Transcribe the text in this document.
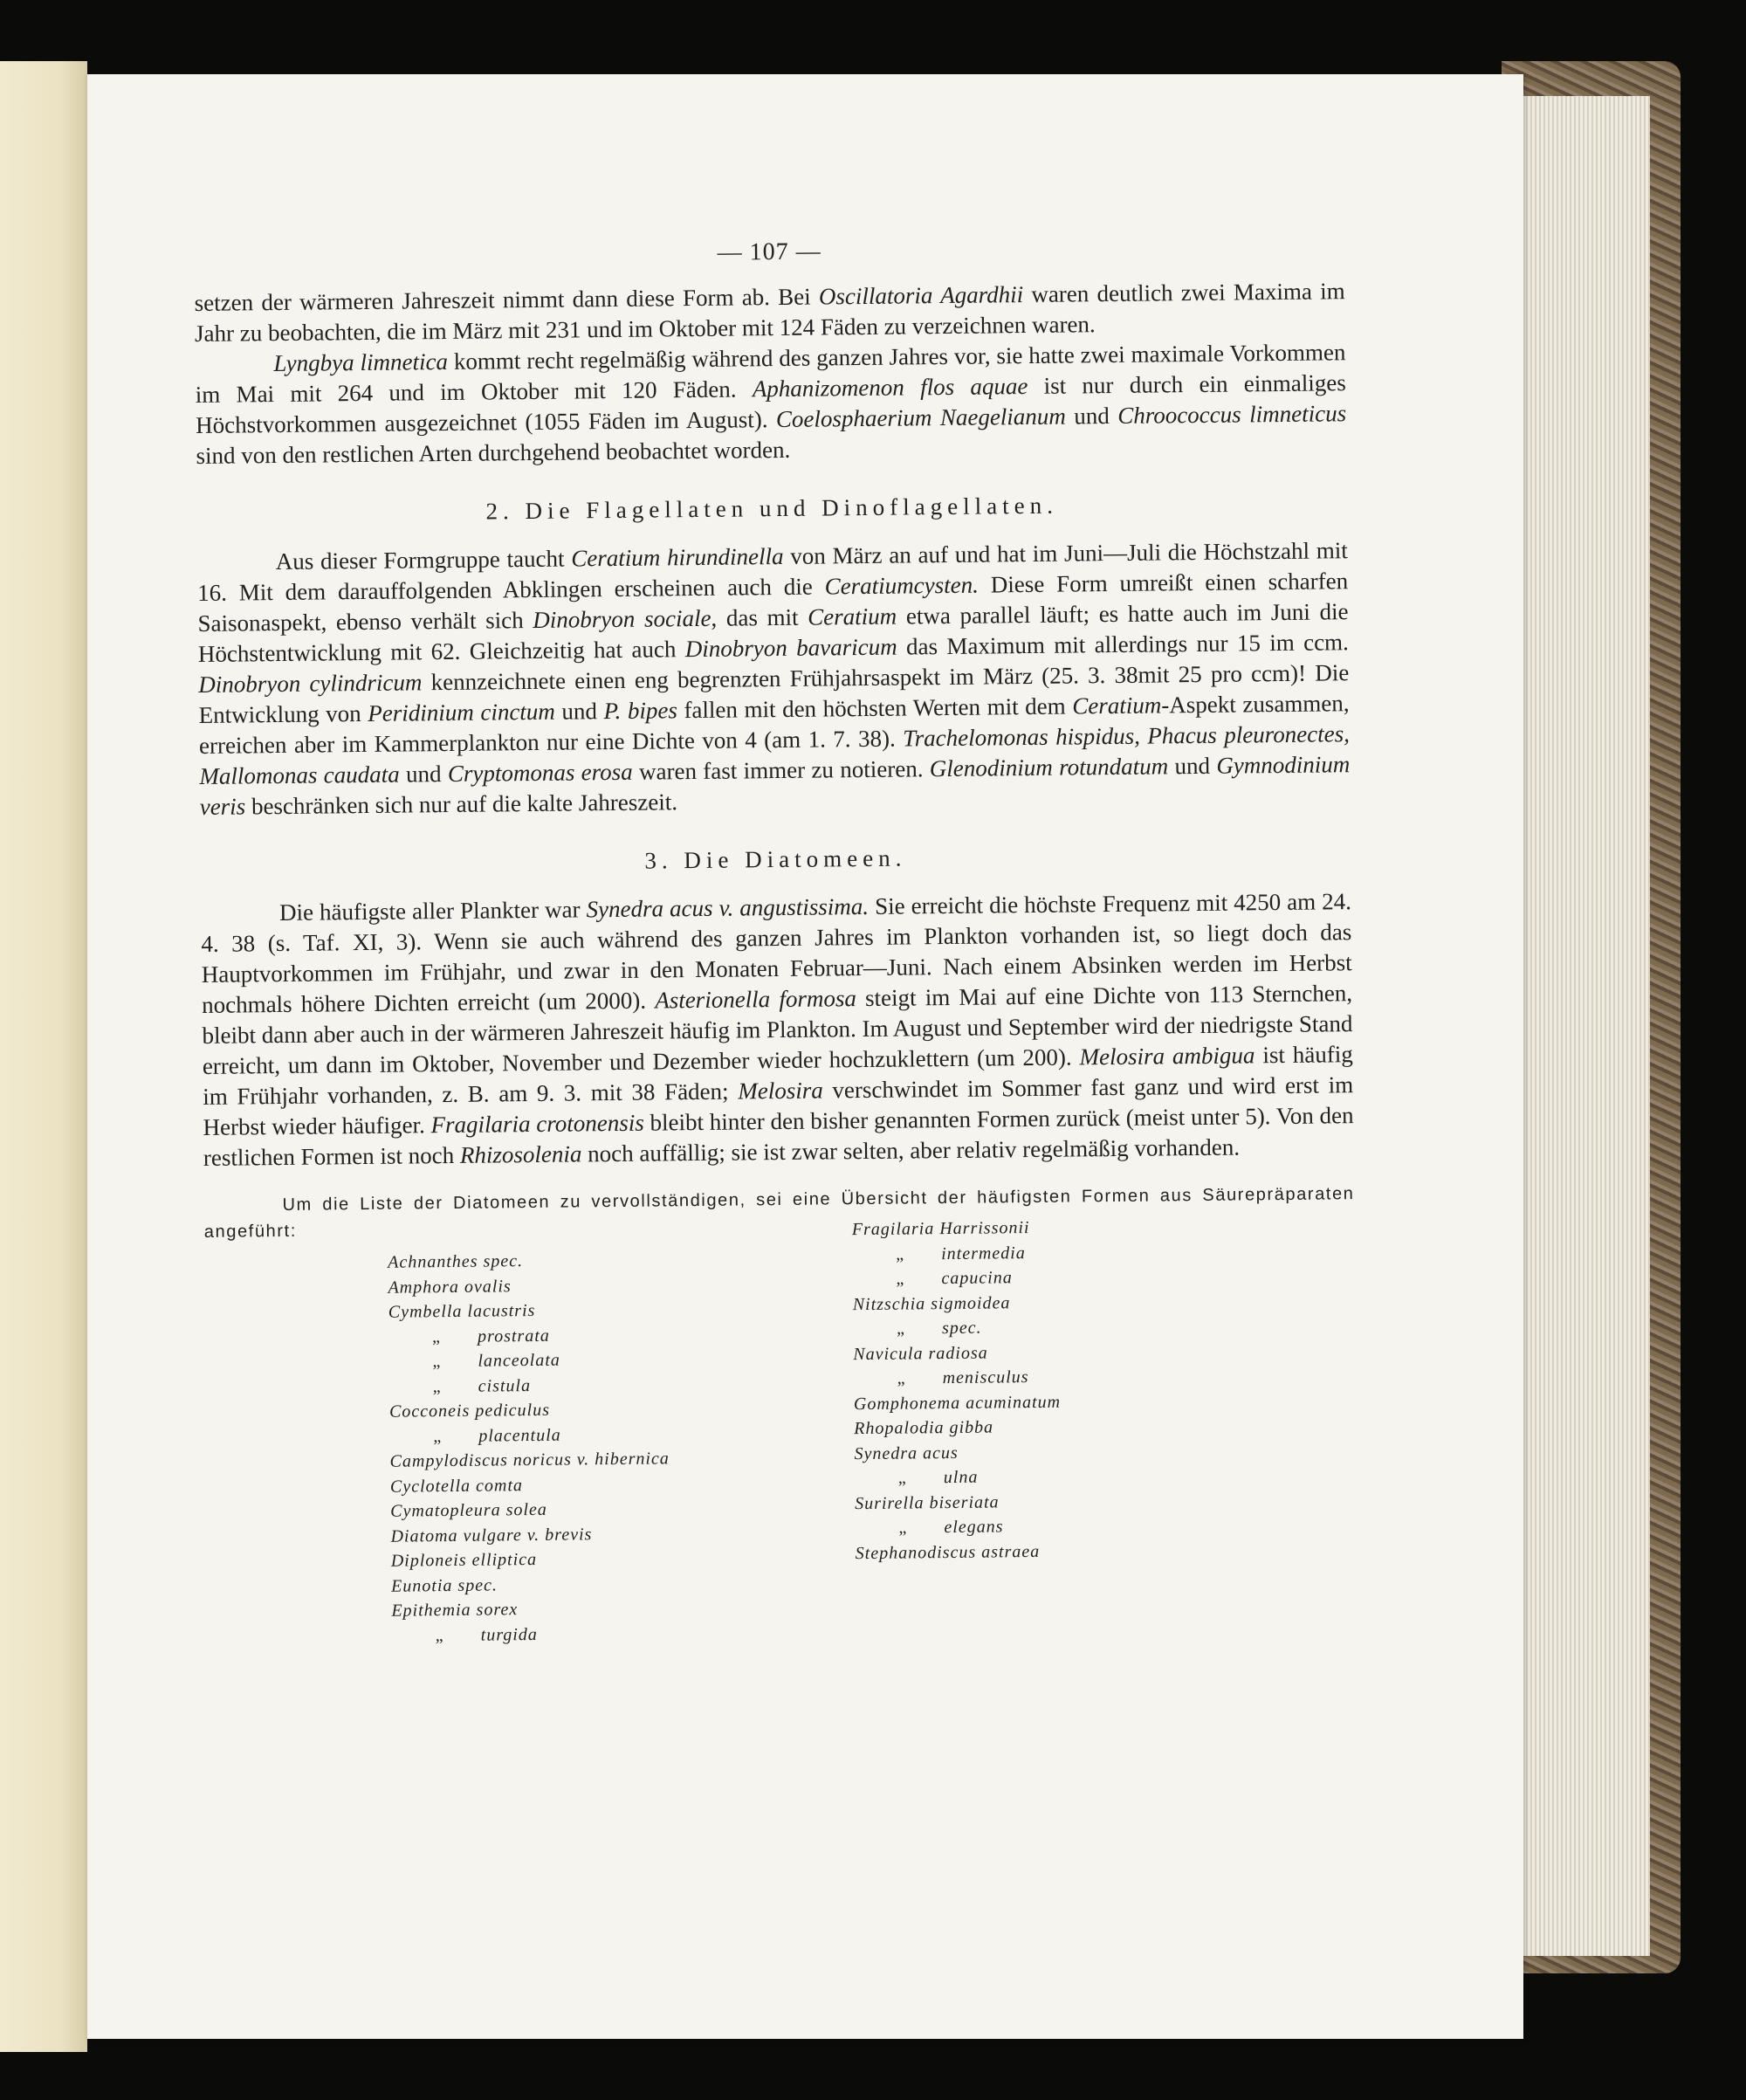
— 107 —

setzen der wärmeren Jahreszeit nimmt dann diese Form ab. Bei Oscillatoria Agardhii waren deutlich zwei Maxima im Jahr zu beobachten, die im März mit 231 und im Oktober mit 124 Fäden zu verzeichnen waren.

Lyngbya limnetica kommt recht regelmäßig während des ganzen Jahres vor, sie hatte zwei maximale Vorkommen im Mai mit 264 und im Oktober mit 120 Fäden. Aphanizomenon flos aquae ist nur durch ein einmaliges Höchstvorkommen ausgezeichnet (1055 Fäden im August). Coelosphaerium Naegelianum und Chroococcus limneticus sind von den restlichen Arten durchgehend beobachtet worden.

2. Die Flagellaten und Dinoflagellaten.

Aus dieser Formgruppe taucht Ceratium hirundinella von März an auf und hat im Juni—Juli die Höchstzahl mit 16. Mit dem darauffolgenden Abklingen erscheinen auch die Ceratiumcysten. Diese Form umreißt einen scharfen Saisonaspekt, ebenso verhält sich Dinobryon sociale, das mit Ceratium etwa parallel läuft; es hatte auch im Juni die Höchstentwicklung mit 62. Gleichzeitig hat auch Dinobryon bavaricum das Maximum mit allerdings nur 15 im ccm. Dinobryon cylindricum kennzeichnete einen eng begrenzten Frühjahrsaspekt im März (25. 3. 38mit 25 pro ccm)! Die Entwicklung von Peridinium cinctum und P. bipes fallen mit den höchsten Werten mit dem Ceratium-Aspekt zusammen, erreichen aber im Kammerplankton nur eine Dichte von 4 (am 1. 7. 38). Trachelomonas hispidus, Phacus pleuronectes, Mallomonas caudata und Cryptomonas erosa waren fast immer zu notieren. Glenodinium rotundatum und Gymnodinium veris beschränken sich nur auf die kalte Jahreszeit.

3. Die Diatomeen.

Die häufigste aller Plankter war Synedra acus v. angustissima. Sie erreicht die höchste Frequenz mit 4250 am 24. 4. 38 (s. Taf. XI, 3). Wenn sie auch während des ganzen Jahres im Plankton vorhanden ist, so liegt doch das Hauptvorkommen im Frühjahr, und zwar in den Monaten Februar—Juni. Nach einem Absinken werden im Herbst nochmals höhere Dichten erreicht (um 2000). Asterionella formosa steigt im Mai auf eine Dichte von 113 Sternchen, bleibt dann aber auch in der wärmeren Jahreszeit häufig im Plankton. Im August und September wird der niedrigste Stand erreicht, um dann im Oktober, November und Dezember wieder hochzuklettern (um 200). Melosira ambigua ist häufig im Frühjahr vorhanden, z. B. am 9. 3. mit 38 Fäden; Melosira verschwindet im Sommer fast ganz und wird erst im Herbst wieder häufiger. Fragilaria crotonensis bleibt hinter den bisher genannten Formen zurück (meist unter 5). Von den restlichen Formen ist noch Rhizosolenia noch auffällig; sie ist zwar selten, aber relativ regelmäßig vorhanden.

Um die Liste der Diatomeen zu vervollständigen, sei eine Übersicht der häufigsten Formen aus Säurepräparaten angeführt:

Achnanthes spec.
Amphora ovalis
Cymbella lacustris
„ prostrata
„ lanceolata
„ cistula
Cocconeis pediculus
„ placentula
Campylodiscus noricus v. hibernica
Cyclotella comta
Cymatopleura solea
Diatoma vulgare v. brevis
Diploneis elliptica
Eunotia spec.
Epithemia sorex
„ turgida
Fragilaria Harrissonii
„ intermedia
„ capucina
Nitzschia sigmoidea
„ spec.
Navicula radiosa
„ menisculus
Gomphonema acuminatum
Rhopalodia gibba
Synedra acus
„ ulna
Surirella biseriata
„ elegans
Stephanodiscus astraea
